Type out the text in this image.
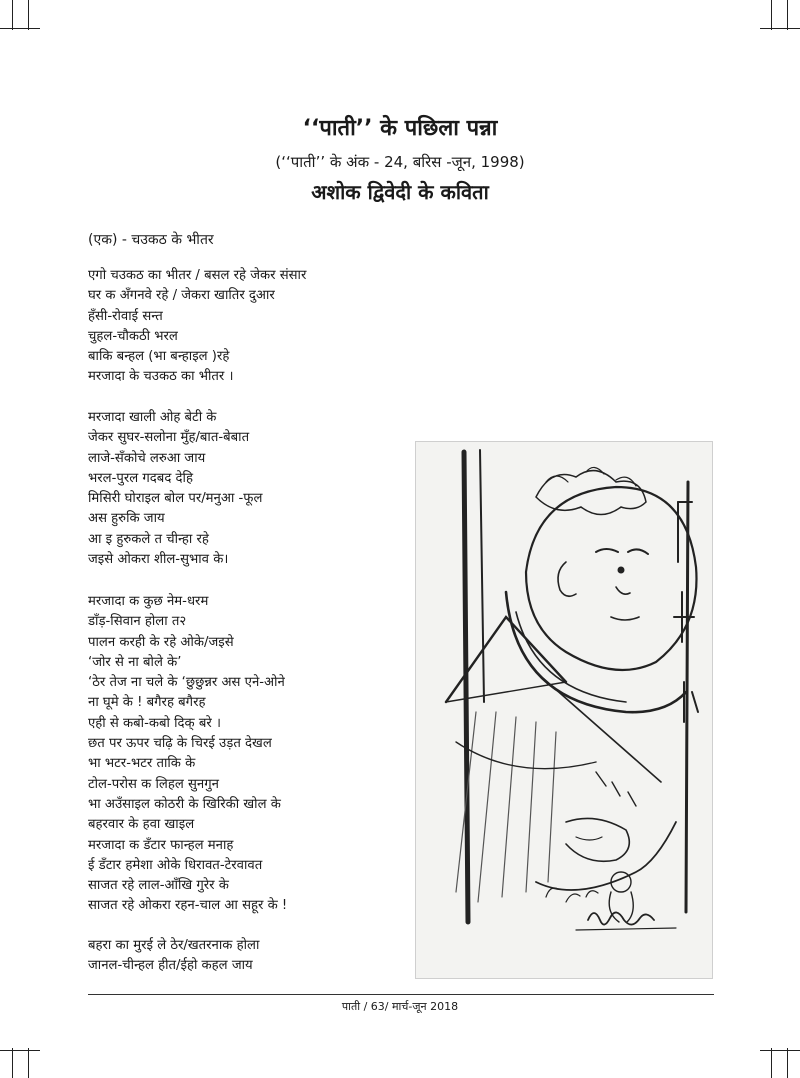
‘‘पाती’’ के पछिला पन्ना
(‘‘पाती’’ के अंक - 24, बरिस -जून, 1998)
अशोक द्विवेदी के कविता
(एक) - चउकठ के भीतर
एगो चउकठ का भीतर / बसल रहे जेकर संसार
घर क अँगनवे रहे / जेकरा खातिर दुआर
हँसी-रोवाई सन्त
चुहल-चौकठी भरल
बाकि बन्हल (भा बन्हाइल )रहे
मरजादा के चउकठ का भीतर ।
मरजादा खाली ओह बेटी के
जेकर सुघर-सलोना मुँह/बात-बेबात
लाजे-सँकोचे लरुआ जाय
भरल-पुरल गदबद देहि
मिसिरी घोराइल बोल पर/मनुआ -फूल
अस हुरुकि जाय
आ इ हुरुकले त चीन्हा रहे
जइसे ओकरा शील-सुभाव के।
मरजादा क कुछ नेम-धरम
डाँड़-सिवान होला त२
पालन करही के रहे ओके/जइसे
‘जोर से ना बोले के’
‘ठेर तेज ना चले के ‘छुछुन्नर अस एने-ओने
ना घूमे के ! बगैरह बगैरह
एही से कबो-कबो दिक् बरे ।
छत पर ऊपर चढ़ि के चिरई उड़त देखल
भा भटर-भटर ताकि के
टोल-परोस क लिहल सुनगुन
भा अउँसाइल कोठरी के खिरिकी खोल के
बहरवार के हवा खाइल
मरजादा क डँटार फान्हल मनाह
ई डँटार हमेशा ओके धिरावत-टेरवावत
साजत रहे लाल-आँखि गुरेर के
साजत रहे ओकरा रहन-चाल आ सहूर के !
बहरा का मुरई ले ठेर/खतरनाक होला
जानल-चीन्हल हीत/ईहो कहल जाय
पाती / 63/ मार्च-जून 2018
